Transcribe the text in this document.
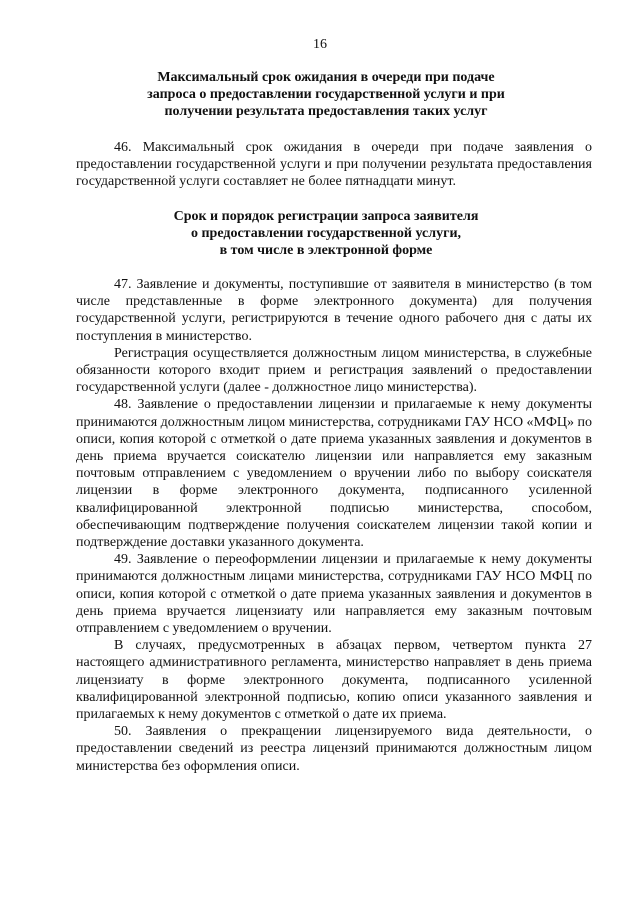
16
Максимальный срок ожидания в очереди при подаче
запроса о предоставлении государственной услуги и при
получении результата предоставления таких услуг

46. Максимальный срок ожидания в очереди при подаче заявления о предоставлении государственной услуги и при получении результата предоставления государственной услуги составляет не более пятнадцати минут.

Срок и порядок регистрации запроса заявителя
о предоставлении государственной услуги,
в том числе в электронной форме

47. Заявление и документы, поступившие от заявителя в министерство (в том числе представленные в форме электронного документа) для получения государственной услуги, регистрируются в течение одного рабочего дня с даты их поступления в министерство.

Регистрация осуществляется должностным лицом министерства, в служебные обязанности которого входит прием и регистрация заявлений о предоставлении государственной услуги (далее - должностное лицо министерства).

48. Заявление о предоставлении лицензии и прилагаемые к нему документы принимаются должностным лицом министерства, сотрудниками ГАУ НСО «МФЦ» по описи, копия которой с отметкой о дате приема указанных заявления и документов в день приема вручается соискателю лицензии или направляется ему заказным почтовым отправлением с уведомлением о вручении либо по выбору соискателя лицензии в форме электронного документа, подписанного усиленной квалифицированной электронной подписью министерства, способом, обеспечивающим подтверждение получения соискателем лицензии такой копии и подтверждение доставки указанного документа.

49. Заявление о переоформлении лицензии и прилагаемые к нему документы принимаются должностным лицами министерства, сотрудниками ГАУ НСО МФЦ по описи, копия которой с отметкой о дате приема указанных заявления и документов в день приема вручается лицензиату или направляется ему заказным почтовым отправлением с уведомлением о вручении.

В случаях, предусмотренных в абзацах первом, четвертом пункта 27 настоящего административного регламента, министерство направляет в день приема лицензиату в форме электронного документа, подписанного усиленной квалифицированной электронной подписью, копию описи указанного заявления и прилагаемых к нему документов с отметкой о дате их приема.

50. Заявления о прекращении лицензируемого вида деятельности, о предоставлении сведений из реестра лицензий принимаются должностным лицом министерства без оформления описи.
